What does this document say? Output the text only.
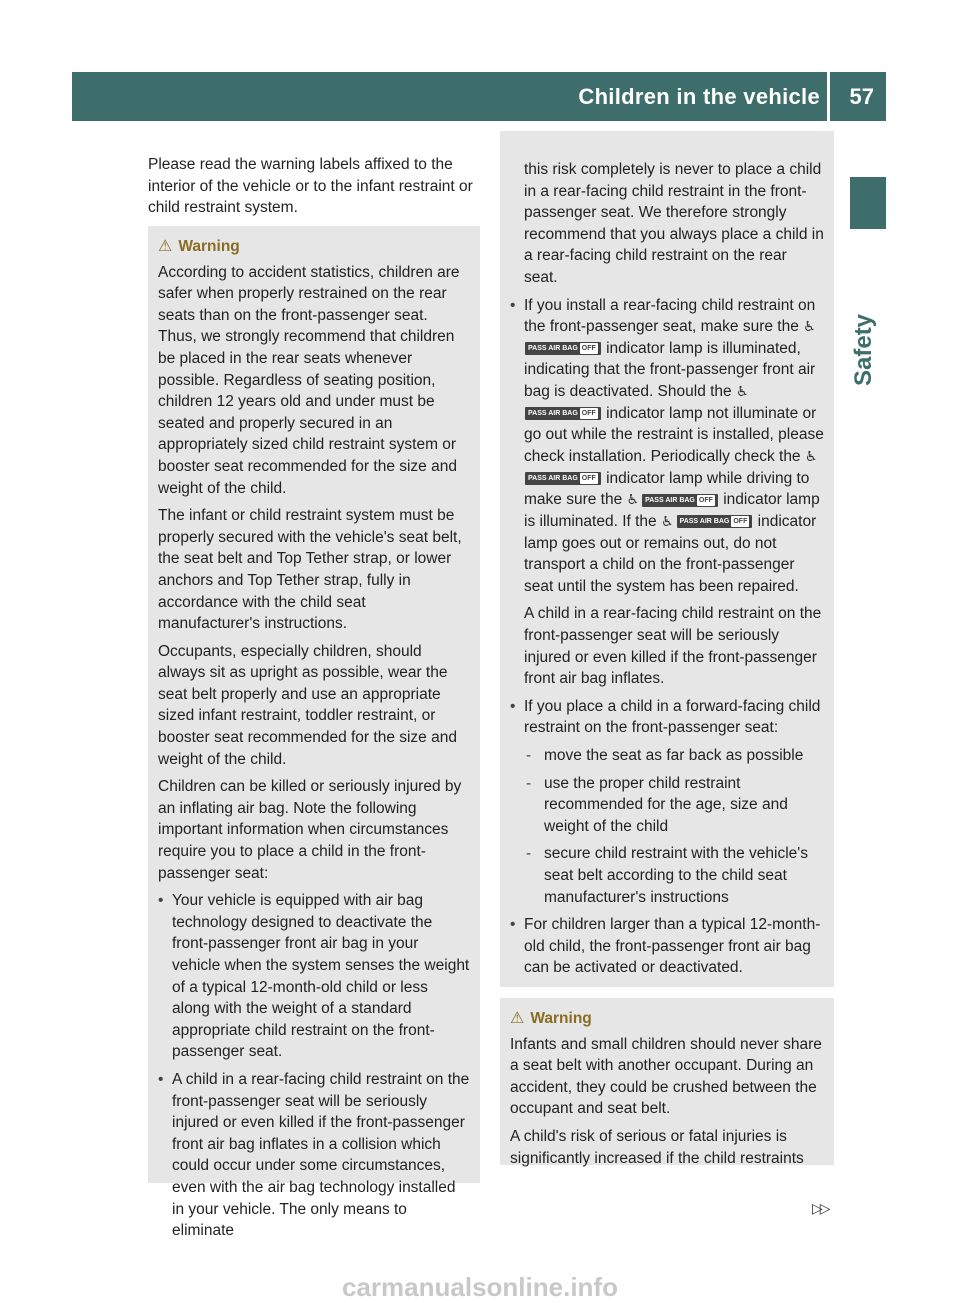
Children in the vehicle 57
Safety
Please read the warning labels affixed to the interior of the vehicle or to the infant restraint or child restraint system.
⚠ Warning

According to accident statistics, children are safer when properly restrained on the rear seats than on the front-passenger seat. Thus, we strongly recommend that children be placed in the rear seats whenever possible. Regardless of seating position, children 12 years old and under must be seated and properly secured in an appropriately sized child restraint system or booster seat recommended for the size and weight of the child.

The infant or child restraint system must be properly secured with the vehicle's seat belt, the seat belt and Top Tether strap, or lower anchors and Top Tether strap, fully in accordance with the child seat manufacturer's instructions.

Occupants, especially children, should always sit as upright as possible, wear the seat belt properly and use an appropriate sized infant restraint, toddler restraint, or booster seat recommended for the size and weight of the child.

Children can be killed or seriously injured by an inflating air bag. Note the following important information when circumstances require you to place a child in the front-passenger seat:

• Your vehicle is equipped with air bag technology designed to deactivate the front-passenger front air bag in your vehicle when the system senses the weight of a typical 12-month-old child or less along with the weight of a standard appropriate child restraint on the front-passenger seat.
• A child in a rear-facing child restraint on the front-passenger seat will be seriously injured or even killed if the front-passenger front air bag inflates in a collision which could occur under some circumstances, even with the air bag technology installed in your vehicle. The only means to eliminate

this risk completely is never to place a child in a rear-facing child restraint in the front-passenger seat. We therefore strongly recommend that you always place a child in a rear-facing child restraint on the rear seat.

• If you install a rear-facing child restraint on the front-passenger seat, make sure the ♿PASS AIR BAG OFF indicator lamp is illuminated, indicating that the front-passenger front air bag is deactivated. Should the ♿PASS AIR BAG OFF indicator lamp not illuminate or go out while the restraint is installed, please check installation. Periodically check the ♿PASS AIR BAG OFF indicator lamp while driving to make sure the ♿ PASS AIR BAG OFF indicator lamp is illuminated. If the ♿ PASS AIR BAG OFF indicator lamp goes out or remains out, do not transport a child on the front-passenger seat until the system has been repaired.

A child in a rear-facing child restraint on the front-passenger seat will be seriously injured or even killed if the front-passenger front air bag inflates.

• If you place a child in a forward-facing child restraint on the front-passenger seat:
- move the seat as far back as possible
- use the proper child restraint recommended for the age, size and weight of the child
- secure child restraint with the vehicle's seat belt according to the child seat manufacturer's instructions
• For children larger than a typical 12-month-old child, the front-passenger front air bag can be activated or deactivated.
⚠ Warning

Infants and small children should never share a seat belt with another occupant. During an accident, they could be crushed between the occupant and seat belt.

A child's risk of serious or fatal injuries is significantly increased if the child restraints

▷▷
carmanualsonline.info
